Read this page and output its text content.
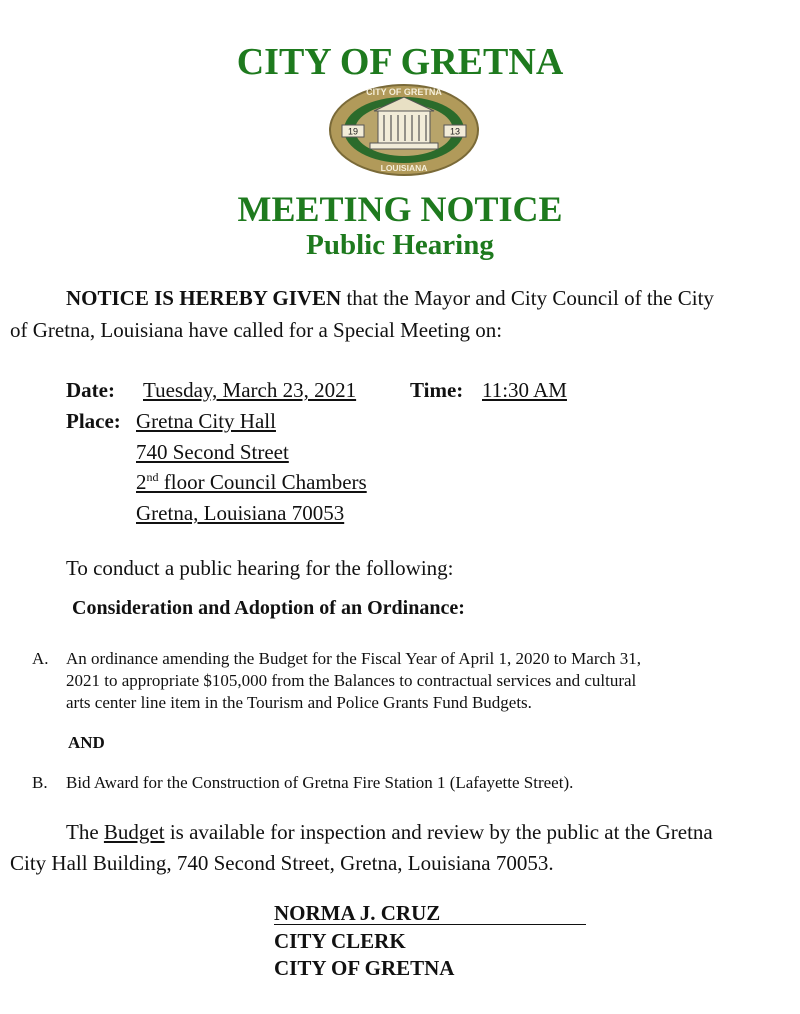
CITY OF GRETNA
19	13
CITY OF GRETNA
LOUISIANA
MEETING NOTICE
Public Hearing
NOTICE IS HEREBY GIVEN that the Mayor and City Council of the City
of Gretna, Louisiana have called for a Special Meeting on:
Date: Tuesday, March 23, 2021	Time: 11:30 AM
Place: Gretna City Hall
740 Second Street
2nd floor Council Chambers
Gretna, Louisiana 70053
To conduct a public hearing for the following:
Consideration and Adoption of an Ordinance:
A. An ordinance amending the Budget for the Fiscal Year of April 1, 2020 to March 31,
2021 to appropriate $105,000 from the Balances to contractual services and cultural
arts center line item in the Tourism and Police Grants Fund Budgets.
AND
B. Bid Award for the Construction of Gretna Fire Station 1 (Lafayette Street).
The Budget is available for inspection and review by the public at the Gretna
City Hall Building, 740 Second Street, Gretna, Louisiana 70053.
NORMA J. CRUZ
CITY CLERK
CITY OF GRETNA
